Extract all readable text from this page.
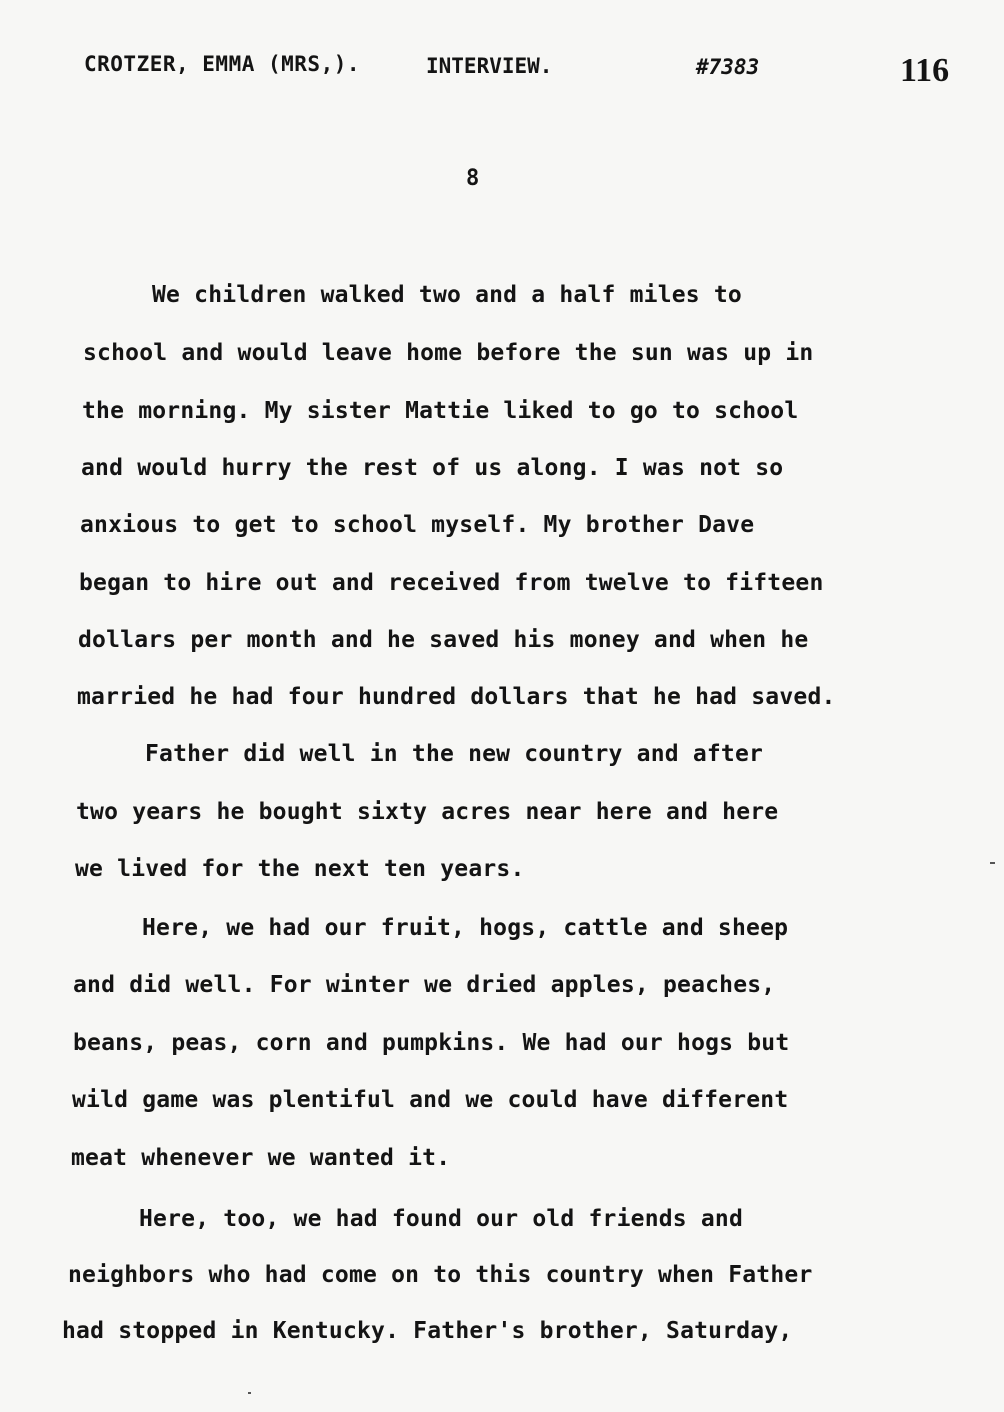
CROTZER, EMMA (MRS,).	INTERVIEW.	#7383	116
8
We children walked two and a half miles to
school and would leave home before the sun was up in
the morning. My sister Mattie liked to go to school
and would hurry the rest of us along. I was not so
anxious to get to school myself. My brother Dave
began to hire out and received from twelve to fifteen
dollars per month and he saved his money and when he
married he had four hundred dollars that he had saved.
Father did well in the new country and after
two years he bought sixty acres near here and here
we lived for the next ten years.
Here, we had our fruit, hogs, cattle and sheep
and did well. For winter we dried apples, peaches,
beans, peas, corn and pumpkins. We had our hogs but
wild game was plentiful and we could have different
meat whenever we wanted it.
Here, too, we had found our old friends and
neighbors who had come on to this country when Father
had stopped in Kentucky. Father's brother, Saturday,
